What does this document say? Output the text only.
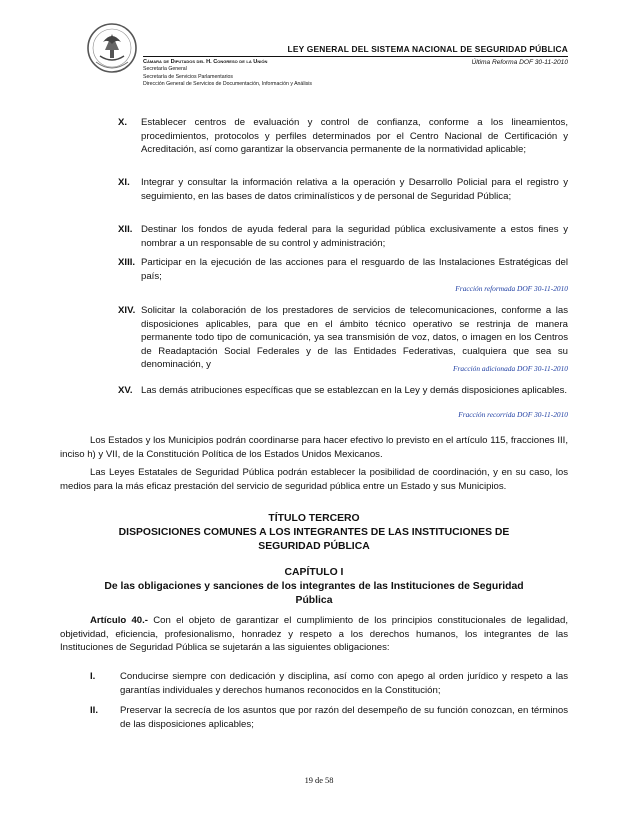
LEY GENERAL DEL SISTEMA NACIONAL DE SEGURIDAD PÚBLICA
Cámara de Diputados del H. Congreso de la Unión
Secretaría General
Secretaría de Servicios Parlamentarios
Dirección General de Servicios de Documentación, Información y Análisis
Última Reforma DOF 30-11-2010
X. Establecer centros de evaluación y control de confianza, conforme a los lineamientos, procedimientos, protocolos y perfiles determinados por el Centro Nacional de Certificación y Acreditación, así como garantizar la observancia permanente de la normatividad aplicable;
XI. Integrar y consultar la información relativa a la operación y Desarrollo Policial para el registro y seguimiento, en las bases de datos criminalísticos y de personal de Seguridad Pública;
XII. Destinar los fondos de ayuda federal para la seguridad pública exclusivamente a estos fines y nombrar a un responsable de su control y administración;
XIII. Participar en la ejecución de las acciones para el resguardo de las Instalaciones Estratégicas del país;
Fracción reformada DOF 30-11-2010
XIV. Solicitar la colaboración de los prestadores de servicios de telecomunicaciones, conforme a las disposiciones aplicables, para que en el ámbito técnico operativo se restrinja de manera permanente todo tipo de comunicación, ya sea transmisión de voz, datos, o imagen en los Centros de Readaptación Social Federales y de las Entidades Federativas, cualquiera que sea su denominación, y	Fracción adicionada DOF 30-11-2010
XV. Las demás atribuciones específicas que se establezcan en la Ley y demás disposiciones aplicables.
Fracción recorrida DOF 30-11-2010
Los Estados y los Municipios podrán coordinarse para hacer efectivo lo previsto en el artículo 115, fracciones III, inciso h) y VII, de la Constitución Política de los Estados Unidos Mexicanos.
Las Leyes Estatales de Seguridad Pública podrán establecer la posibilidad de coordinación, y en su caso, los medios para la más eficaz prestación del servicio de seguridad pública entre un Estado y sus Municipios.
TÍTULO TERCERO
DISPOSICIONES COMUNES A LOS INTEGRANTES DE LAS INSTITUCIONES DE
SEGURIDAD PÚBLICA
CAPÍTULO I
De las obligaciones y sanciones de los integrantes de las Instituciones de Seguridad
Pública
Artículo 40.- Con el objeto de garantizar el cumplimiento de los principios constitucionales de legalidad, objetividad, eficiencia, profesionalismo, honradez y respeto a los derechos humanos, los integrantes de las Instituciones de Seguridad Pública se sujetarán a las siguientes obligaciones:
I.	Conducirse siempre con dedicación y disciplina, así como con apego al orden jurídico y respeto a las garantías individuales y derechos humanos reconocidos en la Constitución;
II. Preservar la secrecía de los asuntos que por razón del desempeño de su función conozcan, en términos de las disposiciones aplicables;
19 de 58
